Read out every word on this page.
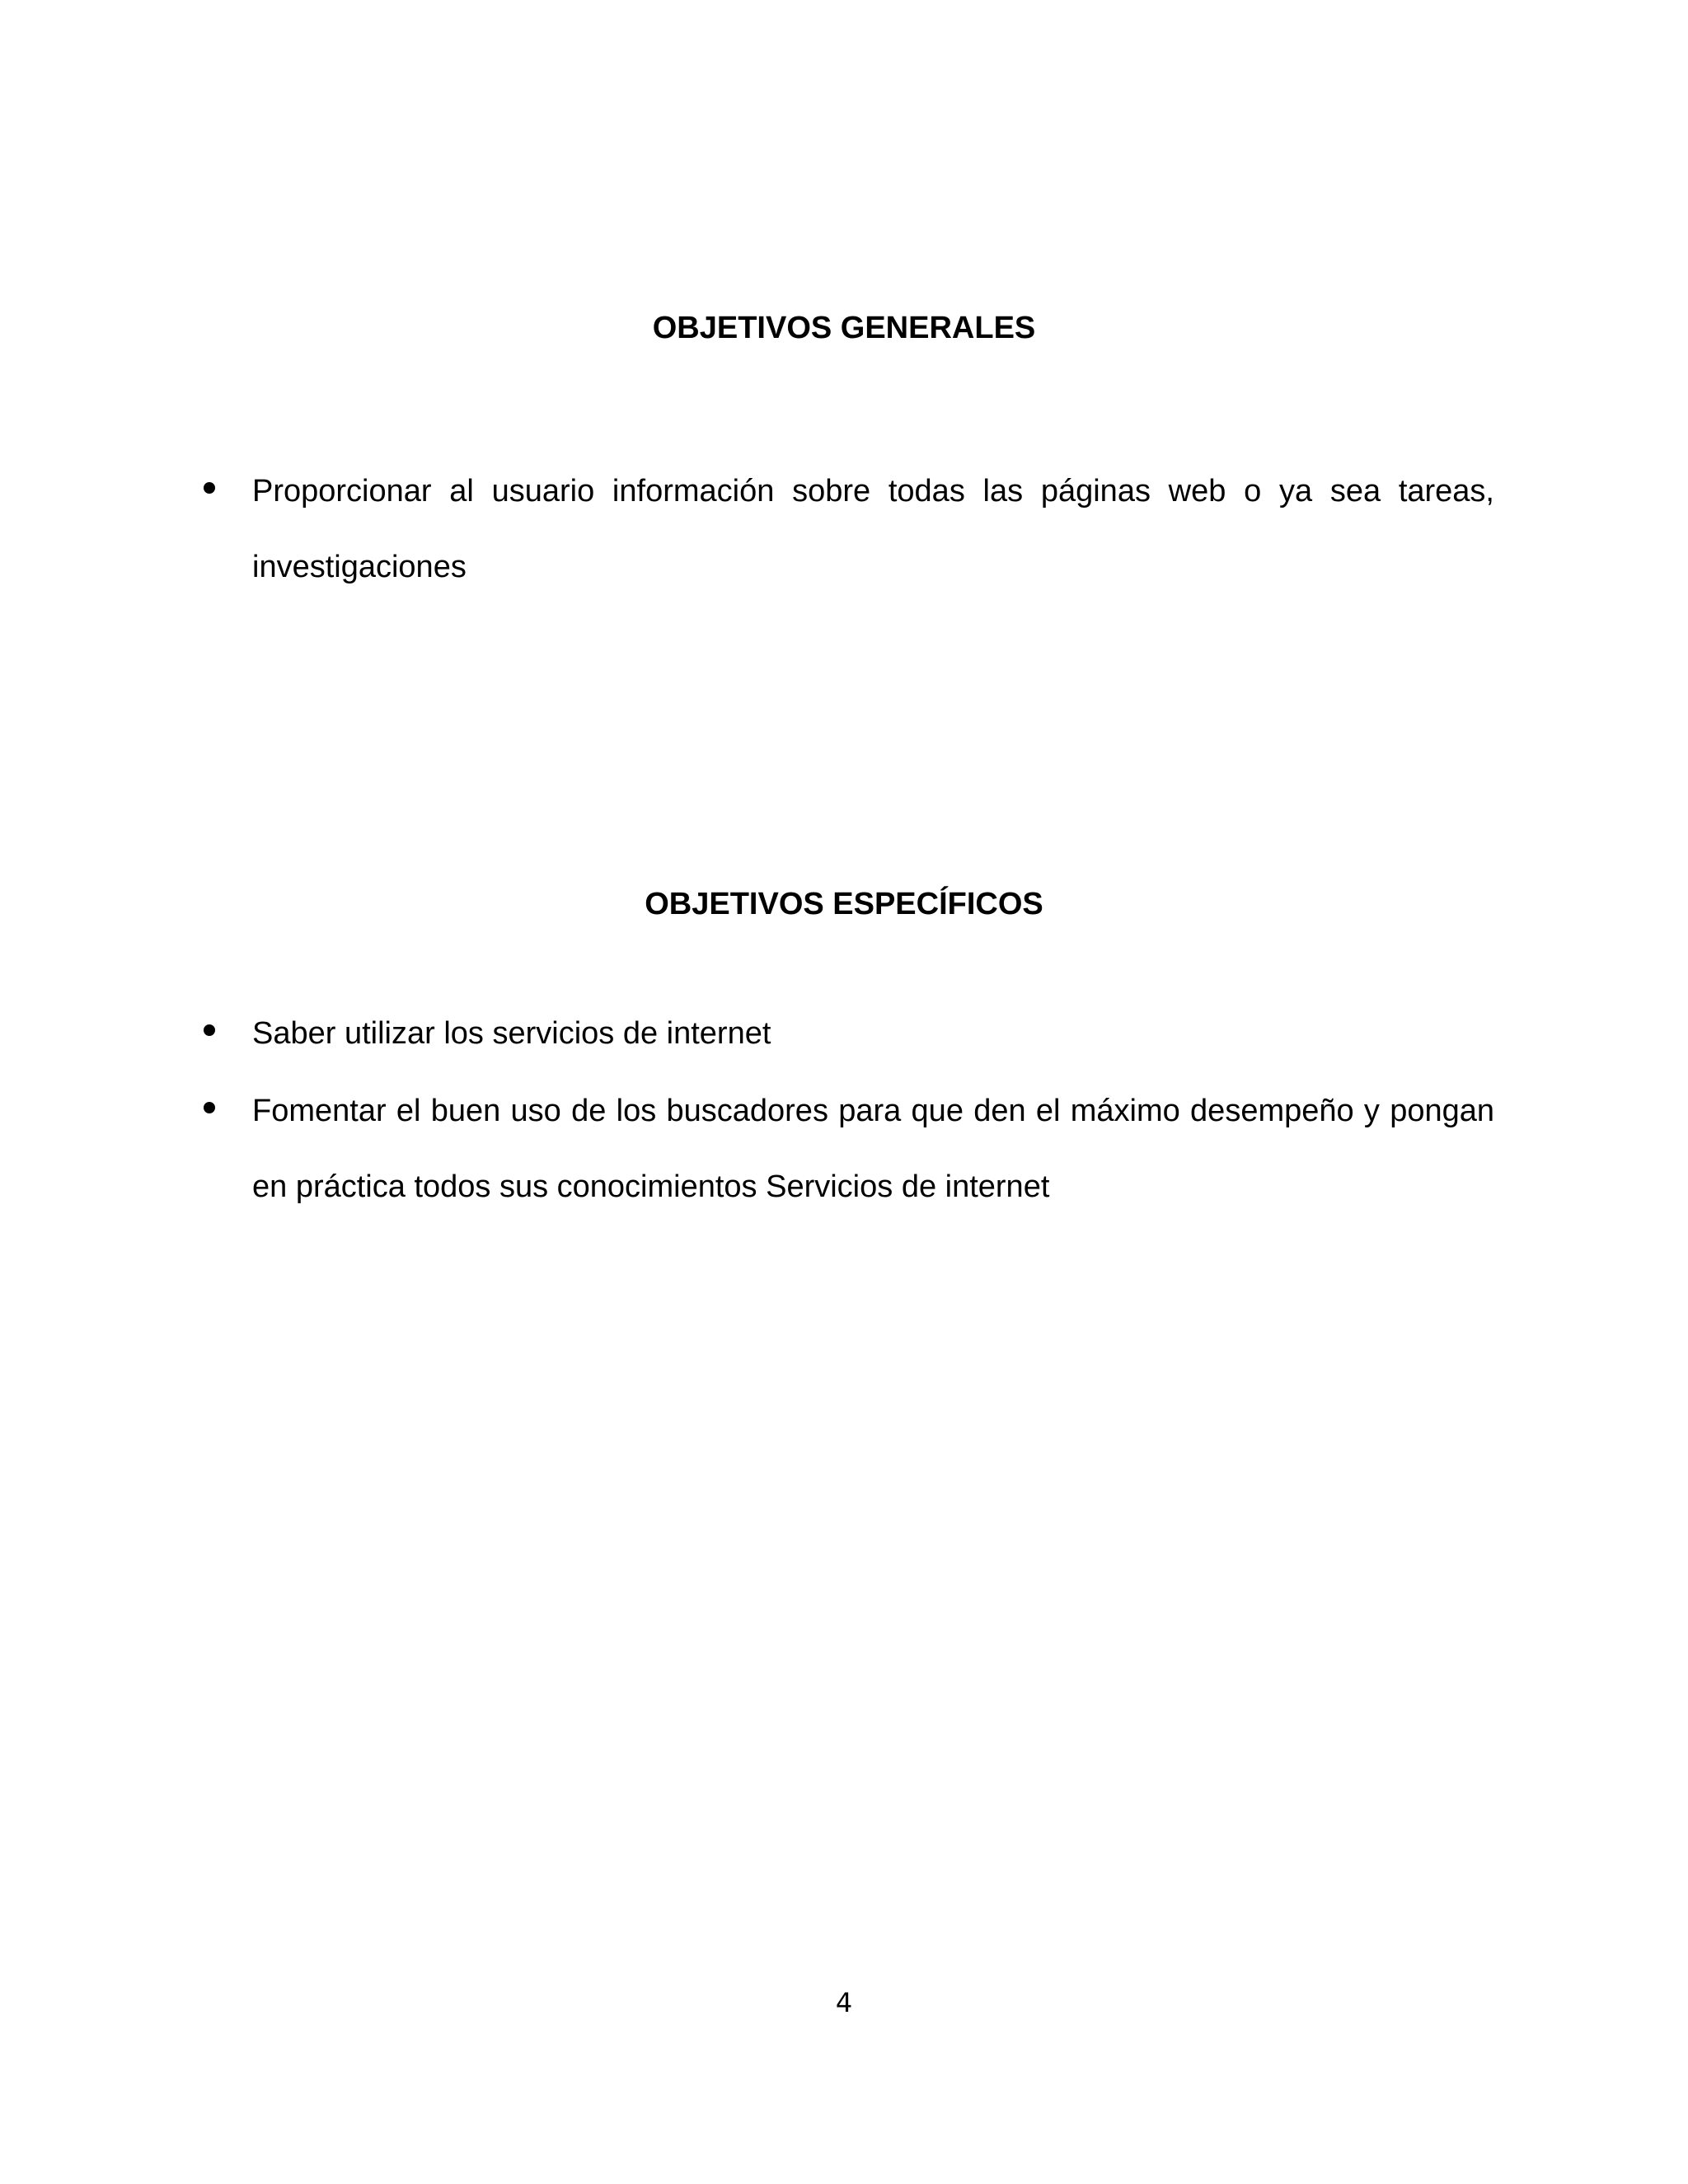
OBJETIVOS GENERALES
Proporcionar al usuario información sobre todas las páginas web o ya sea tareas, investigaciones
OBJETIVOS ESPECÍFICOS
Saber utilizar los servicios de internet
Fomentar el buen uso de los buscadores para que den el máximo desempeño y pongan en práctica todos sus conocimientos Servicios de internet
4
